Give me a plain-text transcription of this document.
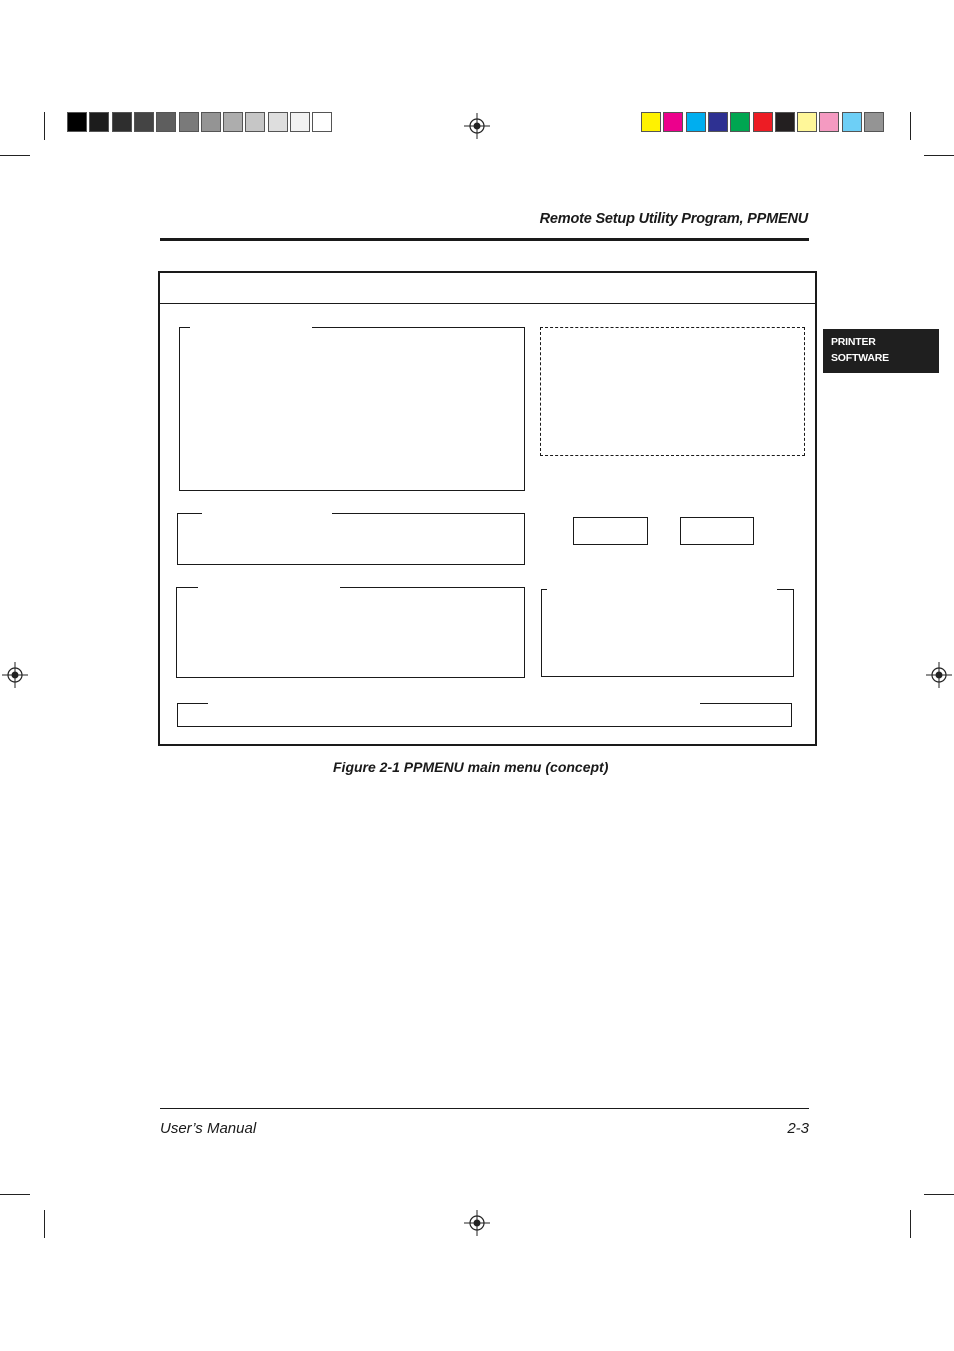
Remote Setup Utility Program, PPMENU
PRINTER
SOFTWARE
Figure 2-1 PPMENU main menu (concept)
User’s Manual	2-3
